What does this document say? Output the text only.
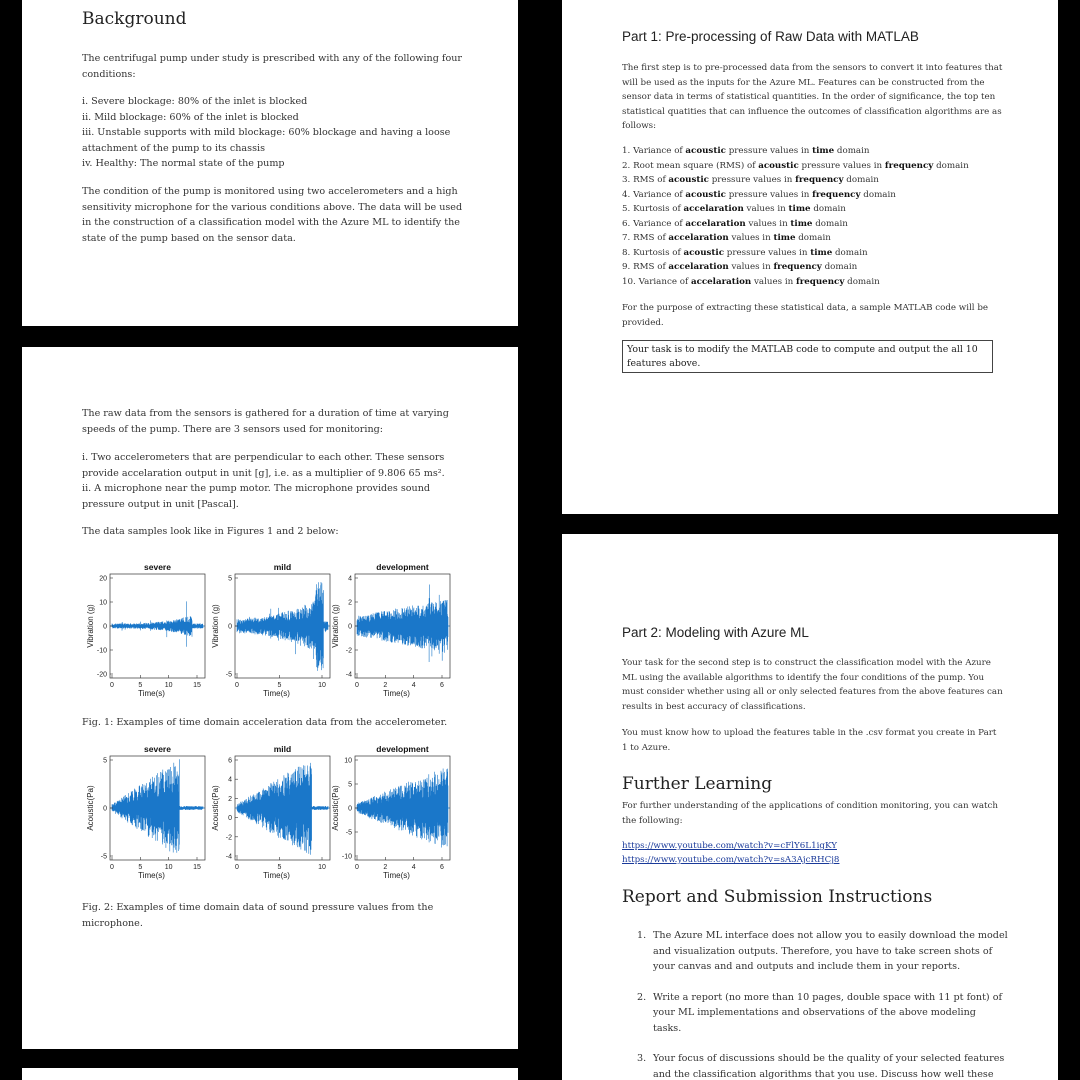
Background
The centrifugal pump under study is prescribed with any of the following four
conditions:
i. Severe blockage: 80% of the inlet is blocked
ii. Mild blockage: 60% of the inlet is blocked
iii. Unstable supports with mild blockage: 60% blockage and having a loose
attachment of the pump to its chassis
iv. Healthy: The normal state of the pump
The condition of the pump is monitored using two accelerometers and a high
sensitivity microphone for the various conditions above. The data will be used
in the construction of a classification model with the Azure ML to identify the
state of the pump based on the sensor data.
The raw data from the sensors is gathered for a duration of time at varying
speeds of the pump. There are 3 sensors used for monitoring:
i. Two accelerometers that are perpendicular to each other. These sensors
provide accelaration output in unit [g], i.e. as a multiplier of 9.806 65 ms².
ii. A microphone near the pump motor. The microphone provides sound
pressure output in unit [Pascal].
The data samples look like in Figures 1 and 2 below:
severe
20
10
0
-10
-20
0	5	10	15
Time(s)
Vibration (g)
mild
5
0
-5
0	5	10
Time(s)
Vibration (g)
development
4
2
0
-2
-4
0	2	4	6
Time(s)
Vibration (g)
Fig. 1: Examples of time domain acceleration data from the accelerometer.
severe
5
0
-5
0	5	10	15
Time(s)
Acoustic(Pa)
mild
6
4
2
0
-2
-4
0	5	10
Time(s)
Acoustic(Pa)
development
10
5
0
-5
-10
0	2	4	6
Time(s)
Acoustic(Pa)
Fig. 2: Examples of time domain data of sound pressure values from the
microphone.
Part 1: Pre-processing of Raw Data with MATLAB
The first step is to pre-processed data from the sensors to convert it into features that
will be used as the inputs for the Azure ML. Features can be constructed from the
sensor data in terms of statistical quantities. In the order of significance, the top ten
statistical quatities that can influence the outcomes of classification algorithms are as
follows:
1. Variance of acoustic pressure values in time domain
2. Root mean square (RMS) of acoustic pressure values in frequency domain
3. RMS of acoustic pressure values in frequency domain
4. Variance of acoustic pressure values in frequency domain
5. Kurtosis of accelaration values in time domain
6. Variance of accelaration values in time domain
7. RMS of accelaration values in time domain
8. Kurtosis of acoustic pressure values in time domain
9. RMS of accelaration values in frequency domain
10. Variance of accelaration values in frequency domain
For the purpose of extracting these statistical data, a sample MATLAB code will be
provided.
Your task is to modify the MATLAB code to compute and output the all 10
features above.
Part 2: Modeling with Azure ML
Your task for the second step is to construct the classification model with the Azure
ML using the available algorithms to identify the four conditions of the pump. You
must consider whether using all or only selected features from the above features can
results in best accuracy of classifications.
You must know how to upload the features table in the .csv format you create in Part
1 to Azure.
Further Learning
For further understanding of the applications of condition monitoring, you can watch
the following:
https://www.youtube.com/watch?v=cFlY6L1igKY
https://www.youtube.com/watch?v=sA3AjcRHCj8
Report and Submission Instructions
1. The Azure ML interface does not allow you to easily download the model
and visualization outputs. Therefore, you have to take screen shots of
your canvas and and outputs and include them in your reports.
2. Write a report (no more than 10 pages, double space with 11 pt font) of
your ML implementations and observations of the above modeling
tasks.
3. Your focus of discussions should be the quality of your selected features
and the classification algorithms that you use. Discuss how well these
